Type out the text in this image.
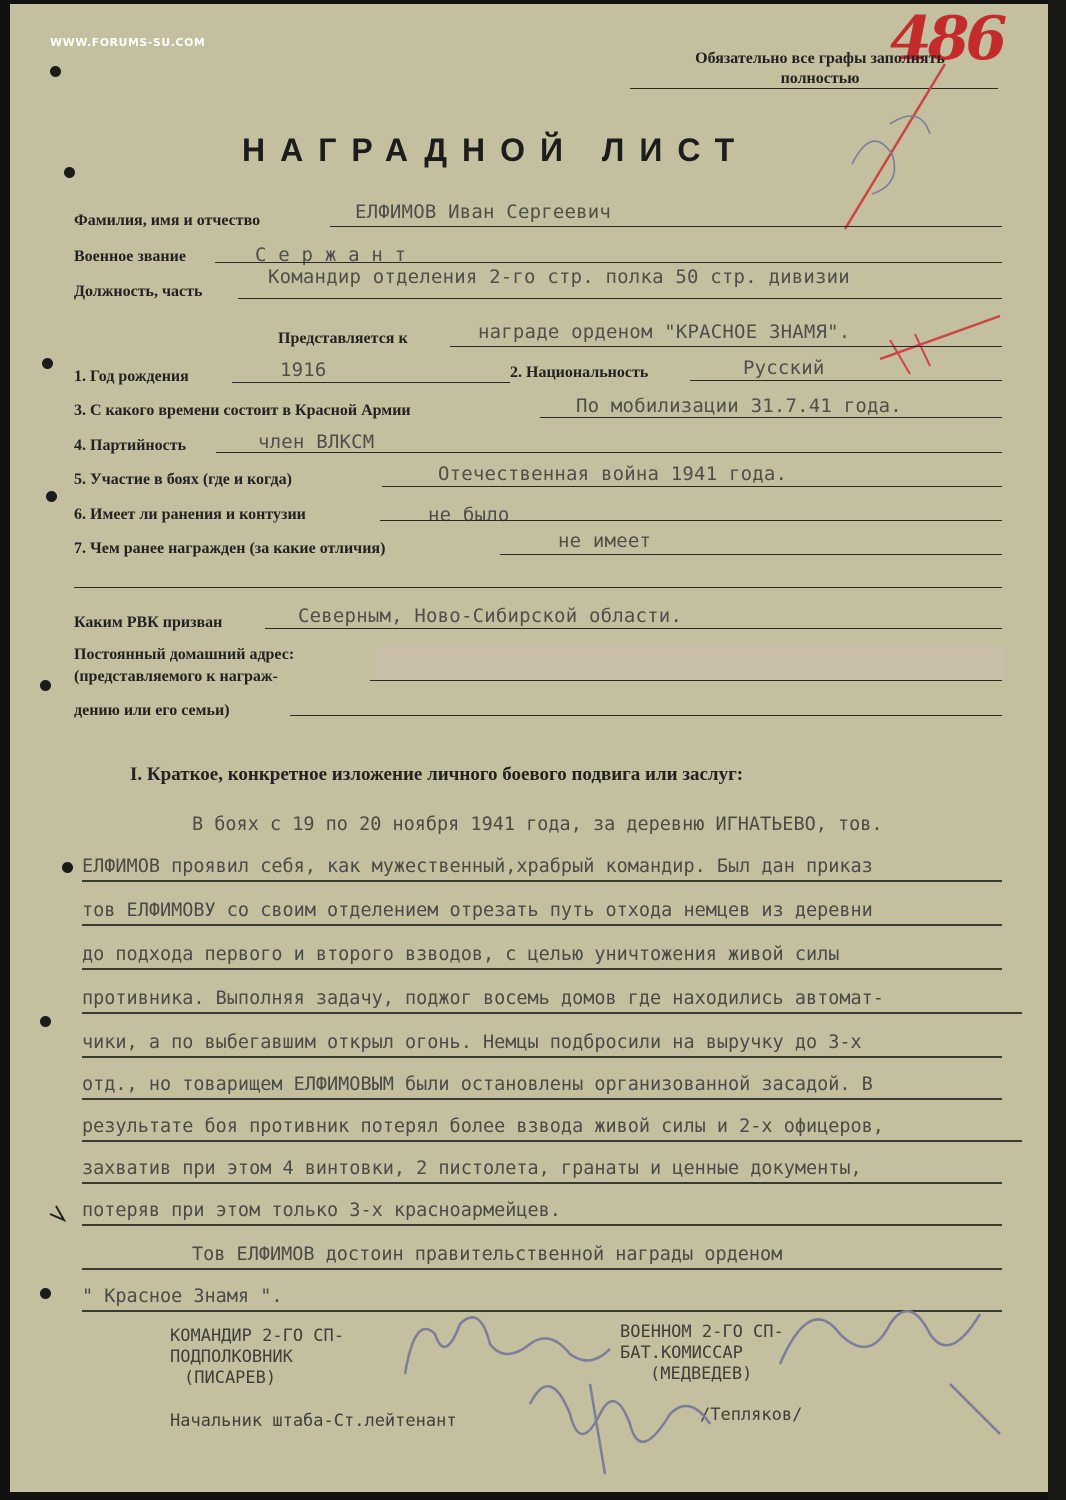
WWW.FORUMS-SU.COM	486
Обязательно все графы заполнять
полностью
НАГРАДНОЙ ЛИСТ
Фамилия, имя и отчество	ЕЛФИМОВ Иван Сергеевич
Военное звание	С е р ж а н т
Должность, часть
Командир отделения 2-го стр. полка 50 стр. дивизии
Представляется к	награде орденом "КРАСНОЕ ЗНАМЯ".
1. Год рождения	1916	2. Национальность	Русский
3. С какого времени состоит в Красной Армии	По мобилизации 31.7.41 года.
4. Партийность	член ВЛКСМ
5. Участие в боях (где и когда)	Отечественная война 1941 года.
6. Имеет ли ранения и контузии	не было
7. Чем ранее награжден (за какие отличия)	не имеет
Каким РВК призван	Северным, Ново-Сибирской области.
Постоянный домашний адрес:
(представляемого к награж-
дению или его семьи)
I. Краткое, конкретное изложение личного боевого подвига или заслуг:
В боях с 19 по 20 ноября 1941 года, за деревню ИГНАТЬЕВО, тов.
ЕЛФИМОВ проявил себя, как мужественный,храбрый командир. Был дан приказ
тов ЕЛФИМОВУ со своим отделением отрезать путь отхода немцев из деревни
до подхода первого и второго взводов, с целью уничтожения живой силы
противника. Выполняя задачу, поджог восемь домов где находились автомат-
чики, а по выбегавшим открыл огонь. Немцы подбросили на выручку до 3-х
отд., но товарищем ЕЛФИМОВЫМ были остановлены организованной засадой. В
результате боя противник потерял более взвода живой силы и 2-х офицеров,
захватив при этом 4 винтовки, 2 пистолета, гранаты и ценные документы,
потеряв при этом только 3-х красноармейцев.
Тов ЕЛФИМОВ достоин правительственной награды орденом
" Красное Знамя ".
КОМАНДИР 2-ГО СП-
ПОДПОЛКОВНИК
(ПИСАРЕВ)
ВОЕННОМ 2-ГО СП-
БАТ.КОМИССАР
(МЕДВЕДЕВ)
Начальник штаба-Ст.лейтенант	/Тепляков/
